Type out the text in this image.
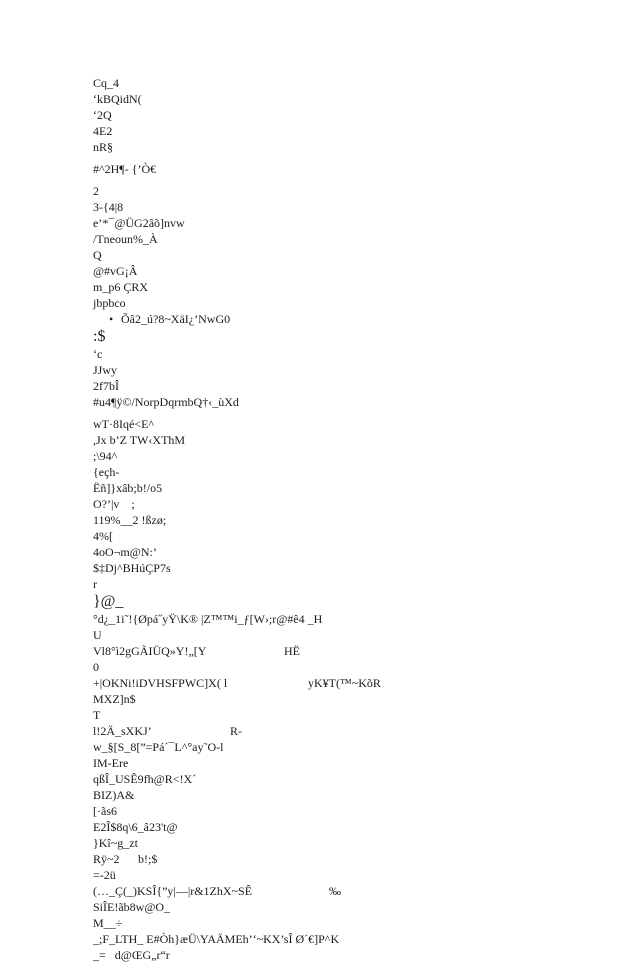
Cq_4
‘kBQidN(
‘2Q
4E2
nR§
#^2H¶- {’Ò€
2
3-{4|8
e’*¯@ÜG2âõ]nvw
/Tneoun%_À
Q
@#vG¡Â
m_p6 ÇRX
jbpbco
• Õâ2_ú?8~XäI¿’NwG0
:$
‘c
JJwy
2f7bÎ
#u4¶ÿ©/NorpDqrmbQ†‹_ùXd
wT·8Iqé<E^
,Jx b’Z TW‹XThM
;\94^
{eçh-
Ëñ]}xâb;b!/o5
O?’|v    ;
119%__2 !ßzø;
4%[
4oO¬m@N:’
$‡Dj^BHúÇP7s
r
}@_
°d¿_1i˜!{Øpá˝yŸ\K® |Z™™i_ƒ[W›;r@#ê4 _H
U
Vl8°ì2gGÃIÜQ»Y!„[Y	HË
0
+|OKNi!iDVHSFPWC]X( l	yK¥T(™~KõR
MXZ]n$
T
l!2Ä_sXKJ’	R-
w_§[S_8[”=Pá´¯L^°ay˜O-l
IM-Ere
qßÎ_USÊ9fh@R<!X´
BIZ)A&
[·ãs6
E2Î$8q\6_â23't@
}Kî~g_zt
Rÿ~2 b!;$
=-2ü
(…_Ç(_)KSÎ{”y|—|r&1ZhX~SÊ	‰
SiÎE!ãb8w@O_
M__÷
_;F_LTH_ E#Òh}æÜ\YAÄMEh’‘~KX’sÎ Ø´€]P^K
_=   d@ŒG„r“r
